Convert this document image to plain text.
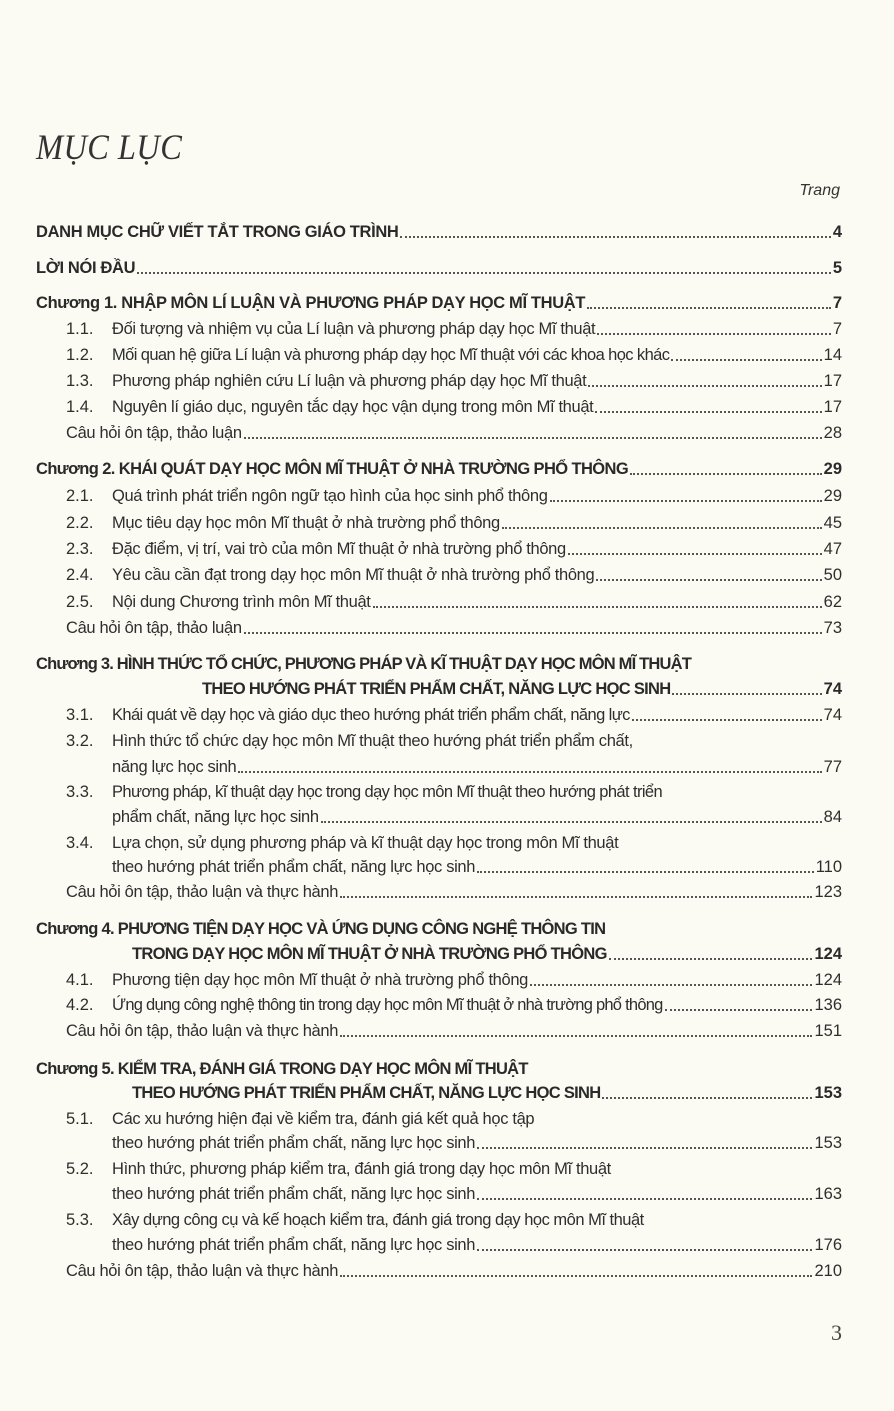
MỤC LỤC
Trang
DANH MỤC CHỮ VIẾT TẮT TRONG GIÁO TRÌNH	4
LỜI NÓI ĐẦU	5
Chương 1. NHẬP MÔN LÍ LUẬN VÀ PHƯƠNG PHÁP DẠY HỌC MĨ THUẬT	7
1.1.	Đối tượng và nhiệm vụ của Lí luận và phương pháp dạy học Mĩ thuật	7
1.2.	Mối quan hệ giữa Lí luận và phương pháp dạy học Mĩ thuật với các khoa học khác	14
1.3.	Phương pháp nghiên cứu Lí luận và phương pháp dạy học Mĩ thuật	17
1.4.	Nguyên lí giáo dục, nguyên tắc dạy học vận dụng trong môn Mĩ thuật	17
Câu hỏi ôn tập, thảo luận	28
Chương 2. KHÁI QUÁT DẠY HỌC MÔN MĨ THUẬT Ở NHÀ TRƯỜNG PHỔ THÔNG	29
2.1.	Quá trình phát triển ngôn ngữ tạo hình của học sinh phổ thông	29
2.2.	Mục tiêu dạy học môn Mĩ thuật ở nhà trường phổ thông	45
2.3.	Đặc điểm, vị trí, vai trò của môn Mĩ thuật ở nhà trường phổ thông	47
2.4.	Yêu cầu cần đạt trong dạy học môn Mĩ thuật ở nhà trường phổ thông	50
2.5.	Nội dung Chương trình môn Mĩ thuật	62
Câu hỏi ôn tập, thảo luận	73
Chương 3. HÌNH THỨC TỔ CHỨC, PHƯƠNG PHÁP VÀ KĨ THUẬT DẠY HỌC MÔN MĨ THUẬT
THEO HƯỚNG PHÁT TRIỂN PHẨM CHẤT, NĂNG LỰC HỌC SINH	74
3.1.	Khái quát về dạy học và giáo dục theo hướng phát triển phẩm chất, năng lực	74
3.2.	Hình thức tổ chức dạy học môn Mĩ thuật theo hướng phát triển phẩm chất,
năng lực học sinh	77
3.3.	Phương pháp, kĩ thuật dạy học trong dạy học môn Mĩ thuật theo hướng phát triển
phẩm chất, năng lực học sinh	84
3.4.	Lựa chọn, sử dụng phương pháp và kĩ thuật dạy học trong môn Mĩ thuật
theo hướng phát triển phẩm chất, năng lực học sinh	110
Câu hỏi ôn tập, thảo luận và thực hành	123
Chương 4. PHƯƠNG TIỆN DẠY HỌC VÀ ỨNG DỤNG CÔNG NGHỆ THÔNG TIN
TRONG DẠY HỌC MÔN MĨ THUẬT Ở NHÀ TRƯỜNG PHỔ THÔNG	124
4.1.	Phương tiện dạy học môn Mĩ thuật ở nhà trường phổ thông	124
4.2.	Ứng dụng công nghệ thông tin trong dạy học môn Mĩ thuật ở nhà trường phổ thông	136
Câu hỏi ôn tập, thảo luận và thực hành	151
Chương 5. KIỂM TRA, ĐÁNH GIÁ TRONG DẠY HỌC MÔN MĨ THUẬT
THEO HƯỚNG PHÁT TRIỂN PHẨM CHẤT, NĂNG LỰC HỌC SINH	153
5.1.	Các xu hướng hiện đại về kiểm tra, đánh giá kết quả học tập
theo hướng phát triển phẩm chất, năng lực học sinh	153
5.2.	Hình thức, phương pháp kiểm tra, đánh giá trong dạy học môn Mĩ thuật
theo hướng phát triển phẩm chất, năng lực học sinh	163
5.3.	Xây dựng công cụ và kế hoạch kiểm tra, đánh giá trong dạy học môn Mĩ thuật
theo hướng phát triển phẩm chất, năng lực học sinh	176
Câu hỏi ôn tập, thảo luận và thực hành	210
3
